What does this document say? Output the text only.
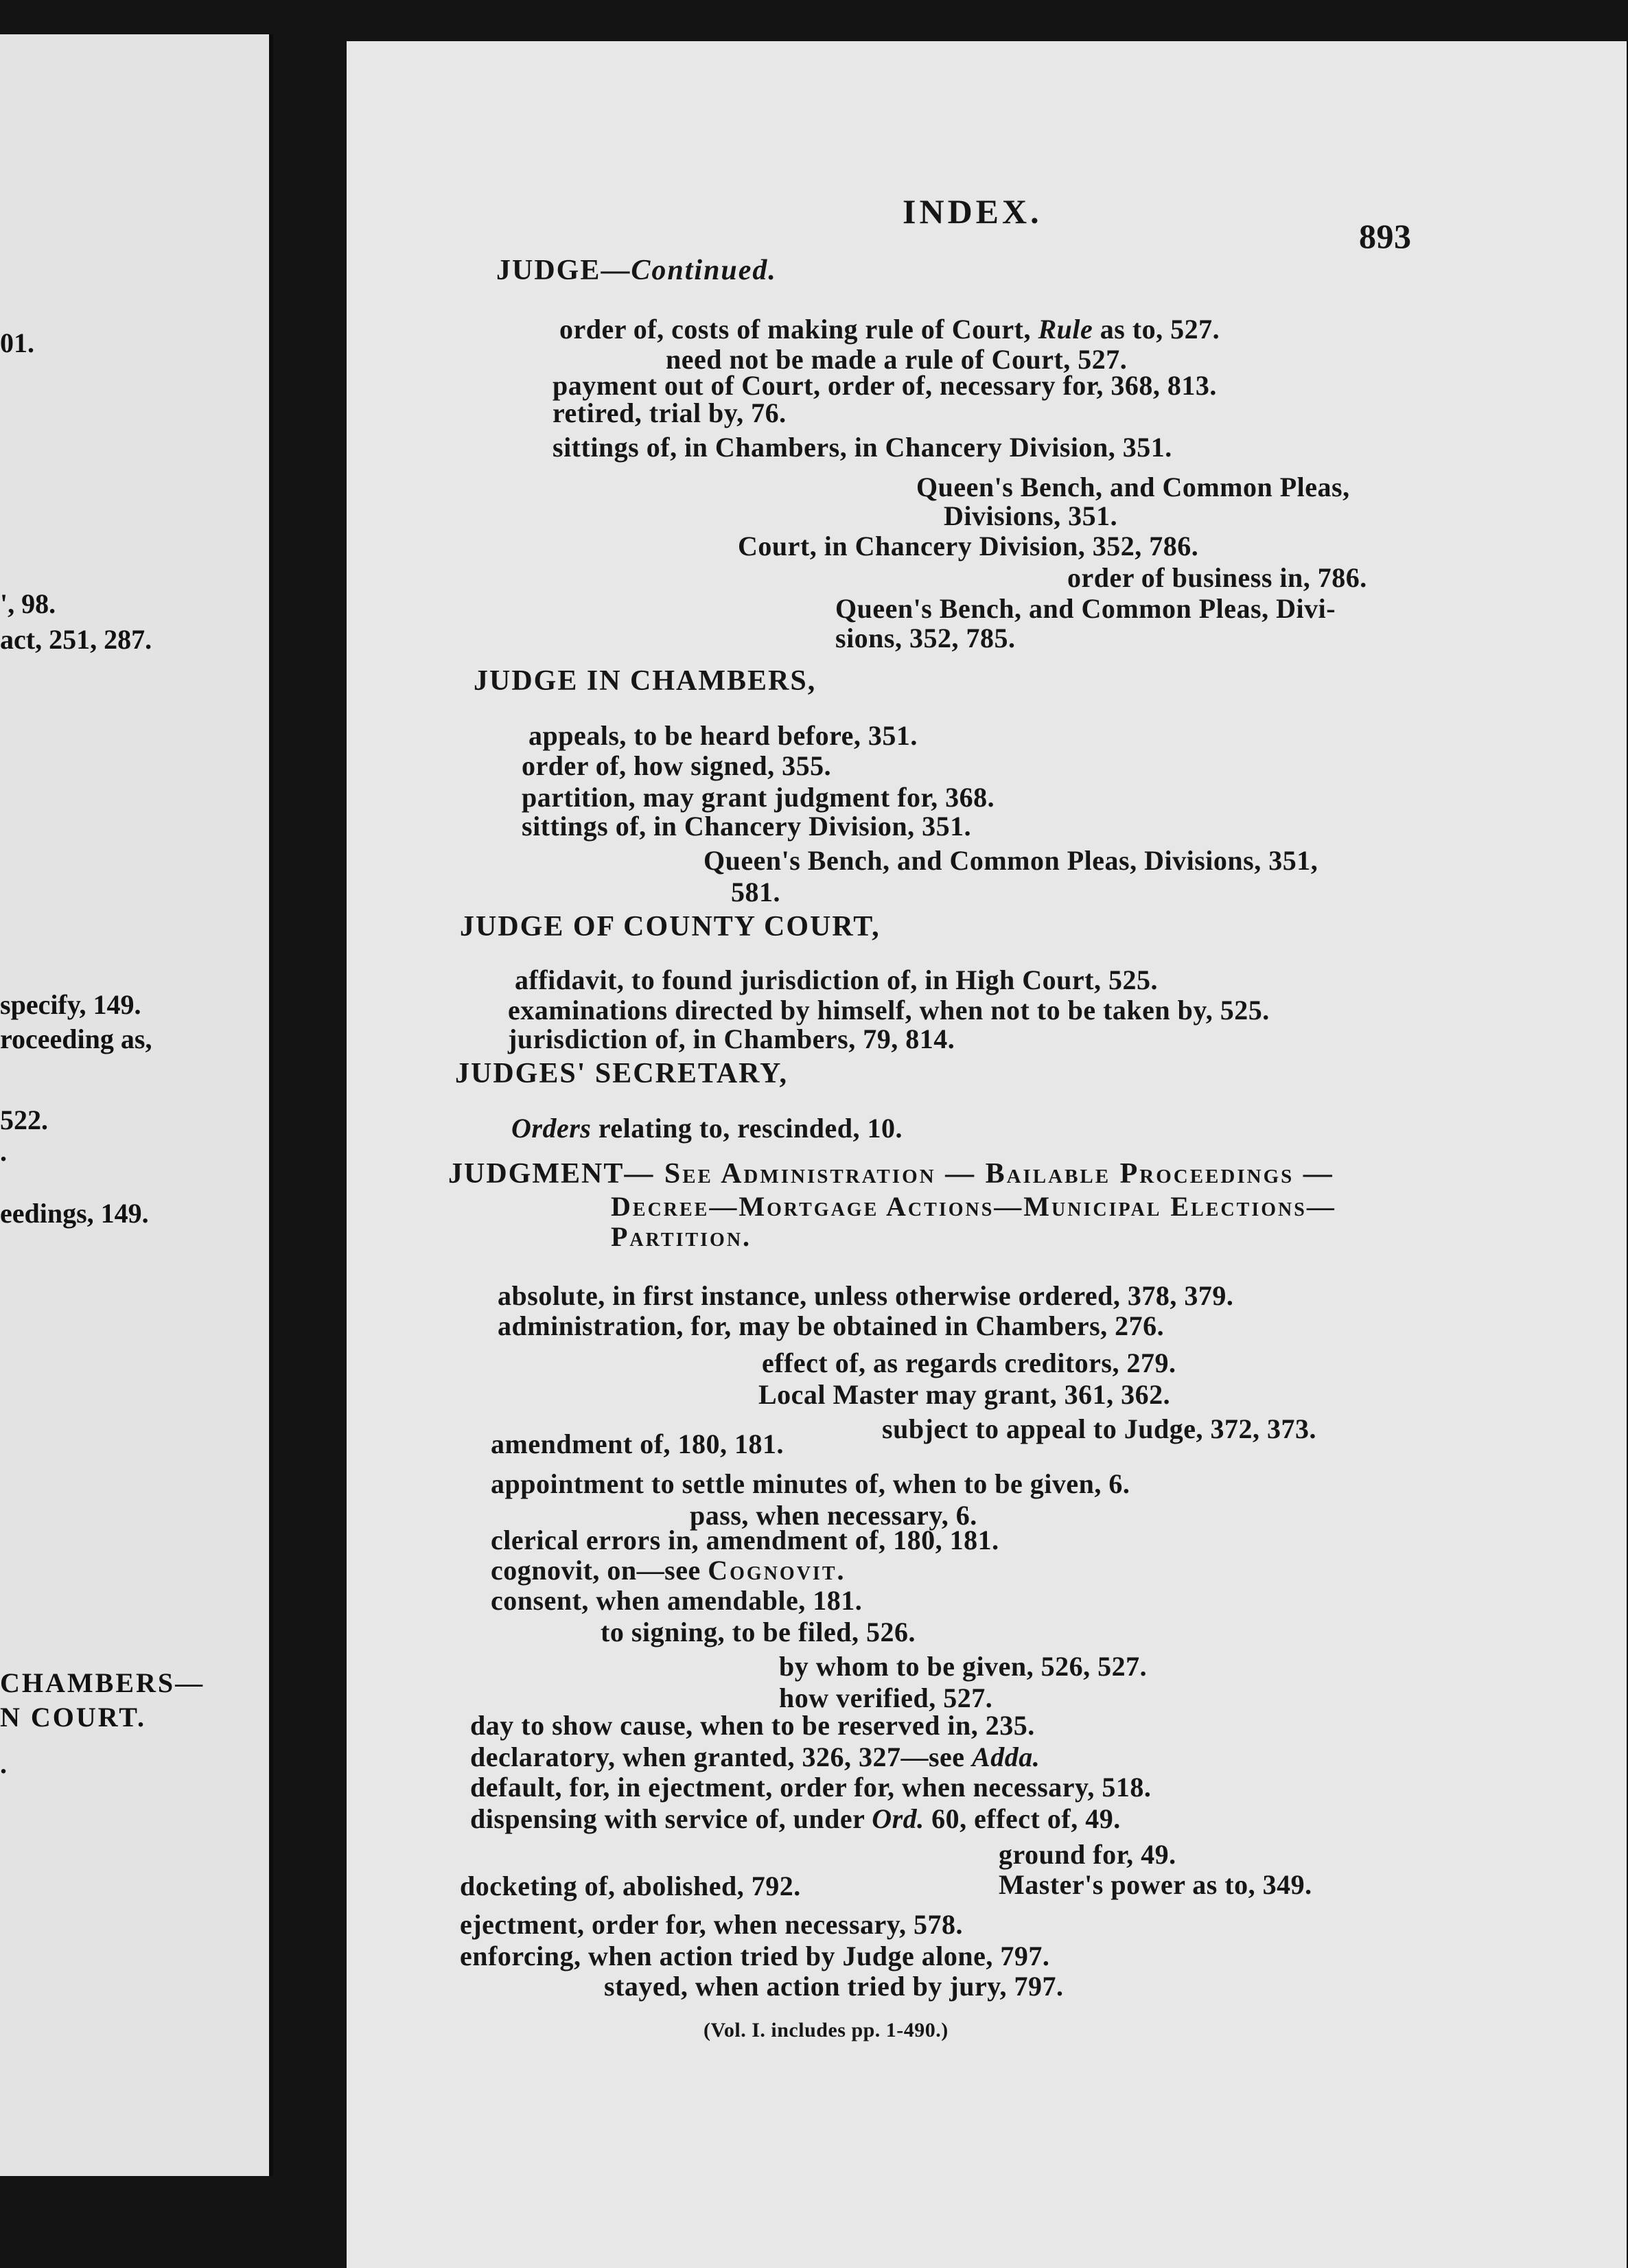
01.
', 98.
act, 251, 287.
specify, 149.
roceeding as,
522.
.
eedings, 149.
CHAMBERS—
N COURT.
.
INDEX.
893
JUDGE—Continued.
order of, costs of making rule of Court, Rule as to, 527.
need not be made a rule of Court, 527.
payment out of Court, order of, necessary for, 368, 813.
retired, trial by, 76.
sittings of, in Chambers, in Chancery Division, 351.
Queen's Bench, and Common Pleas,
Divisions, 351.
Court, in Chancery Division, 352, 786.
order of business in, 786.
Queen's Bench, and Common Pleas, Divi-
sions, 352, 785.
JUDGE IN CHAMBERS,
appeals, to be heard before, 351.
order of, how signed, 355.
partition, may grant judgment for, 368.
sittings of, in Chancery Division, 351.
Queen's Bench, and Common Pleas, Divisions, 351,
581.
JUDGE OF COUNTY COURT,
affidavit, to found jurisdiction of, in High Court, 525.
examinations directed by himself, when not to be taken by, 525.
jurisdiction of, in Chambers, 79, 814.
JUDGES' SECRETARY,
Orders relating to, rescinded, 10.
JUDGMENT— See Administration — Bailable Proceedings —
Decree—Mortgage Actions—Municipal Elections—
Partition.
absolute, in first instance, unless otherwise ordered, 378, 379.
administration, for, may be obtained in Chambers, 276.
effect of, as regards creditors, 279.
Local Master may grant, 361, 362.
subject to appeal to Judge, 372, 373.
amendment of, 180, 181.
appointment to settle minutes of, when to be given, 6.
pass, when necessary, 6.
clerical errors in, amendment of, 180, 181.
cognovit, on—see Cognovit.
consent, when amendable, 181.
to signing, to be filed, 526.
by whom to be given, 526, 527.
how verified, 527.
day to show cause, when to be reserved in, 235.
declaratory, when granted, 326, 327—see Adda.
default, for, in ejectment, order for, when necessary, 518.
dispensing with service of, under Ord. 60, effect of, 49.
ground for, 49.
Master's power as to, 349.
docketing of, abolished, 792.
ejectment, order for, when necessary, 578.
enforcing, when action tried by Judge alone, 797.
stayed, when action tried by jury, 797.
(Vol. I. includes pp. 1-490.)
